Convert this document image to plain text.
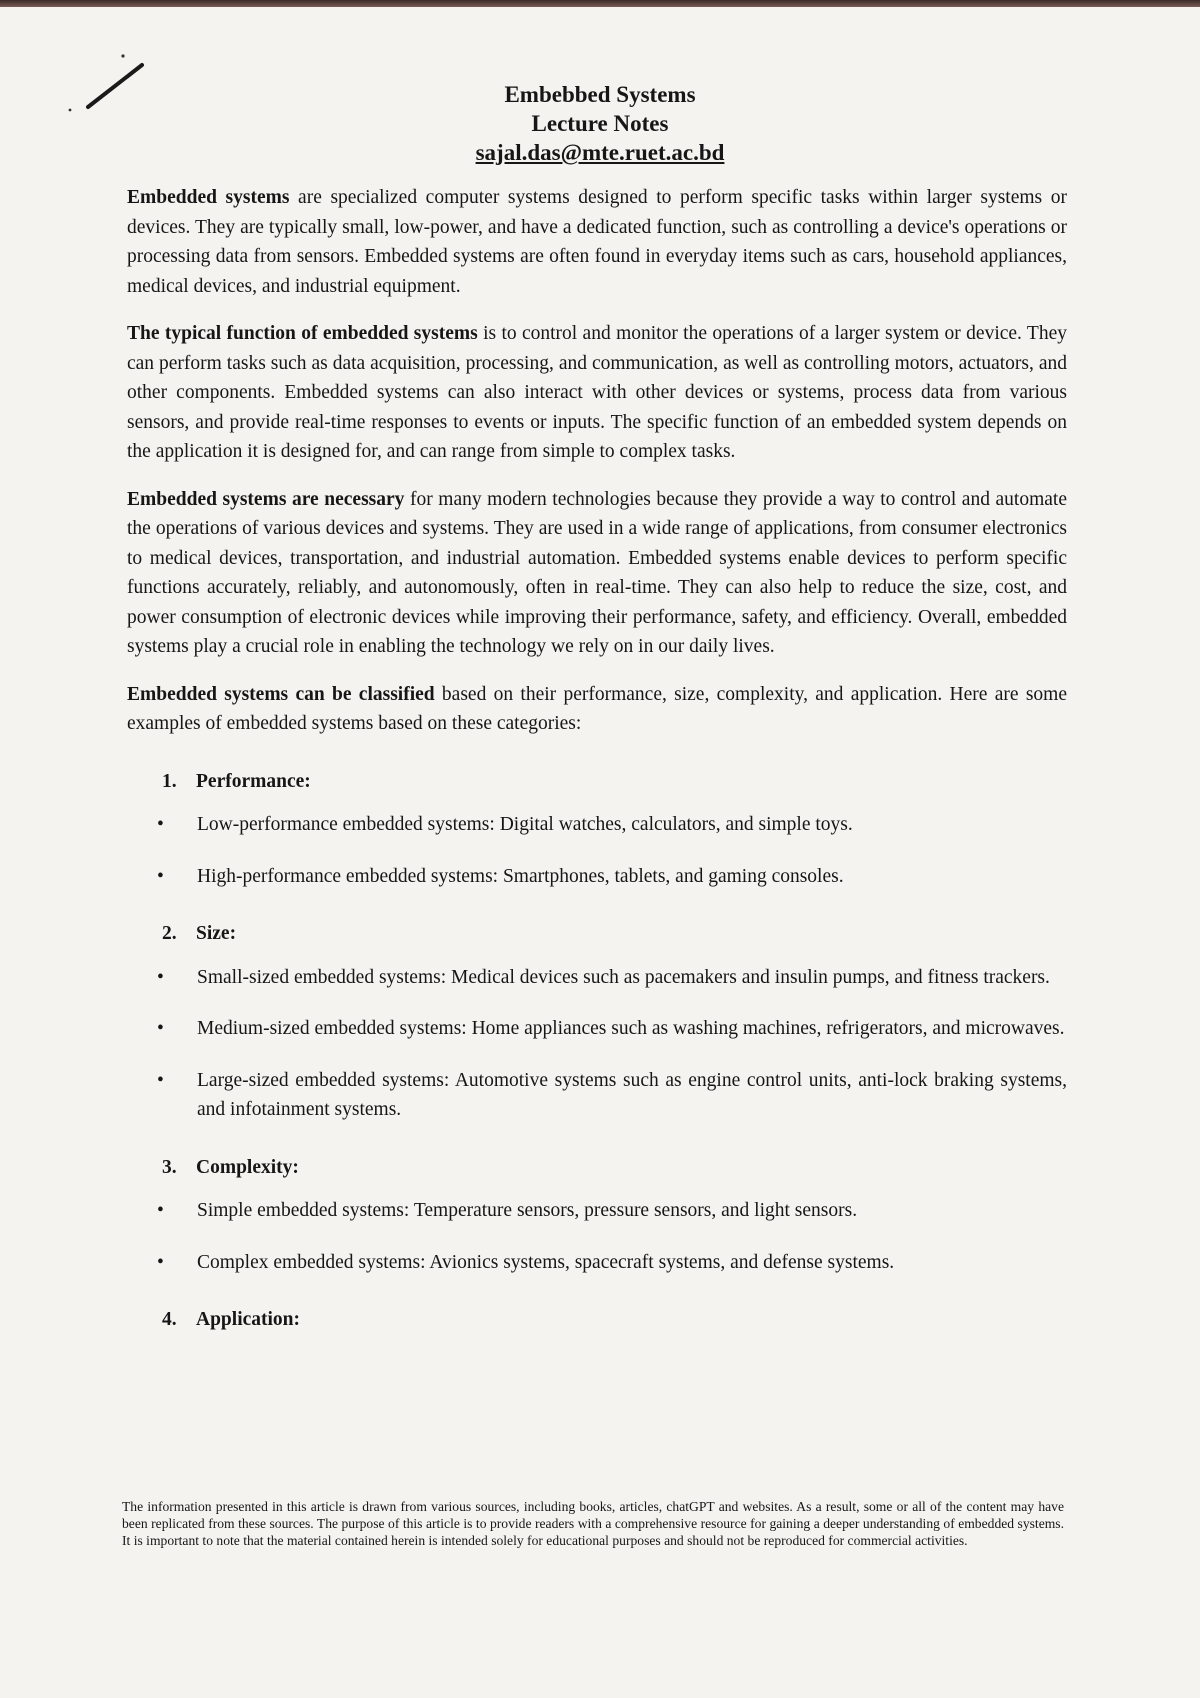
Embebbed Systems
Lecture Notes
sajal.das@mte.ruet.ac.bd

Embedded systems are specialized computer systems designed to perform specific tasks within larger systems or devices. They are typically small, low-power, and have a dedicated function, such as controlling a device's operations or processing data from sensors. Embedded systems are often found in everyday items such as cars, household appliances, medical devices, and industrial equipment.

The typical function of embedded systems is to control and monitor the operations of a larger system or device. They can perform tasks such as data acquisition, processing, and communication, as well as controlling motors, actuators, and other components. Embedded systems can also interact with other devices or systems, process data from various sensors, and provide real-time responses to events or inputs. The specific function of an embedded system depends on the application it is designed for, and can range from simple to complex tasks.

Embedded systems are necessary for many modern technologies because they provide a way to control and automate the operations of various devices and systems. They are used in a wide range of applications, from consumer electronics to medical devices, transportation, and industrial automation. Embedded systems enable devices to perform specific functions accurately, reliably, and autonomously, often in real-time. They can also help to reduce the size, cost, and power consumption of electronic devices while improving their performance, safety, and efficiency. Overall, embedded systems play a crucial role in enabling the technology we rely on in our daily lives.

Embedded systems can be classified based on their performance, size, complexity, and application. Here are some examples of embedded systems based on these categories:

1. Performance:
• Low-performance embedded systems: Digital watches, calculators, and simple toys.
• High-performance embedded systems: Smartphones, tablets, and gaming consoles.
2. Size:
• Small-sized embedded systems: Medical devices such as pacemakers and insulin pumps, and fitness trackers.
• Medium-sized embedded systems: Home appliances such as washing machines, refrigerators, and microwaves.
• Large-sized embedded systems: Automotive systems such as engine control units, anti-lock braking systems, and infotainment systems.
3. Complexity:
• Simple embedded systems: Temperature sensors, pressure sensors, and light sensors.
• Complex embedded systems: Avionics systems, spacecraft systems, and defense systems.
4. Application:
The information presented in this article is drawn from various sources, including books, articles, chatGPT and websites. As a result, some or all of the content may have been replicated from these sources. The purpose of this article is to provide readers with a comprehensive resource for gaining a deeper understanding of embedded systems. It is important to note that the material contained herein is intended solely for educational purposes and should not be reproduced for commercial activities.
